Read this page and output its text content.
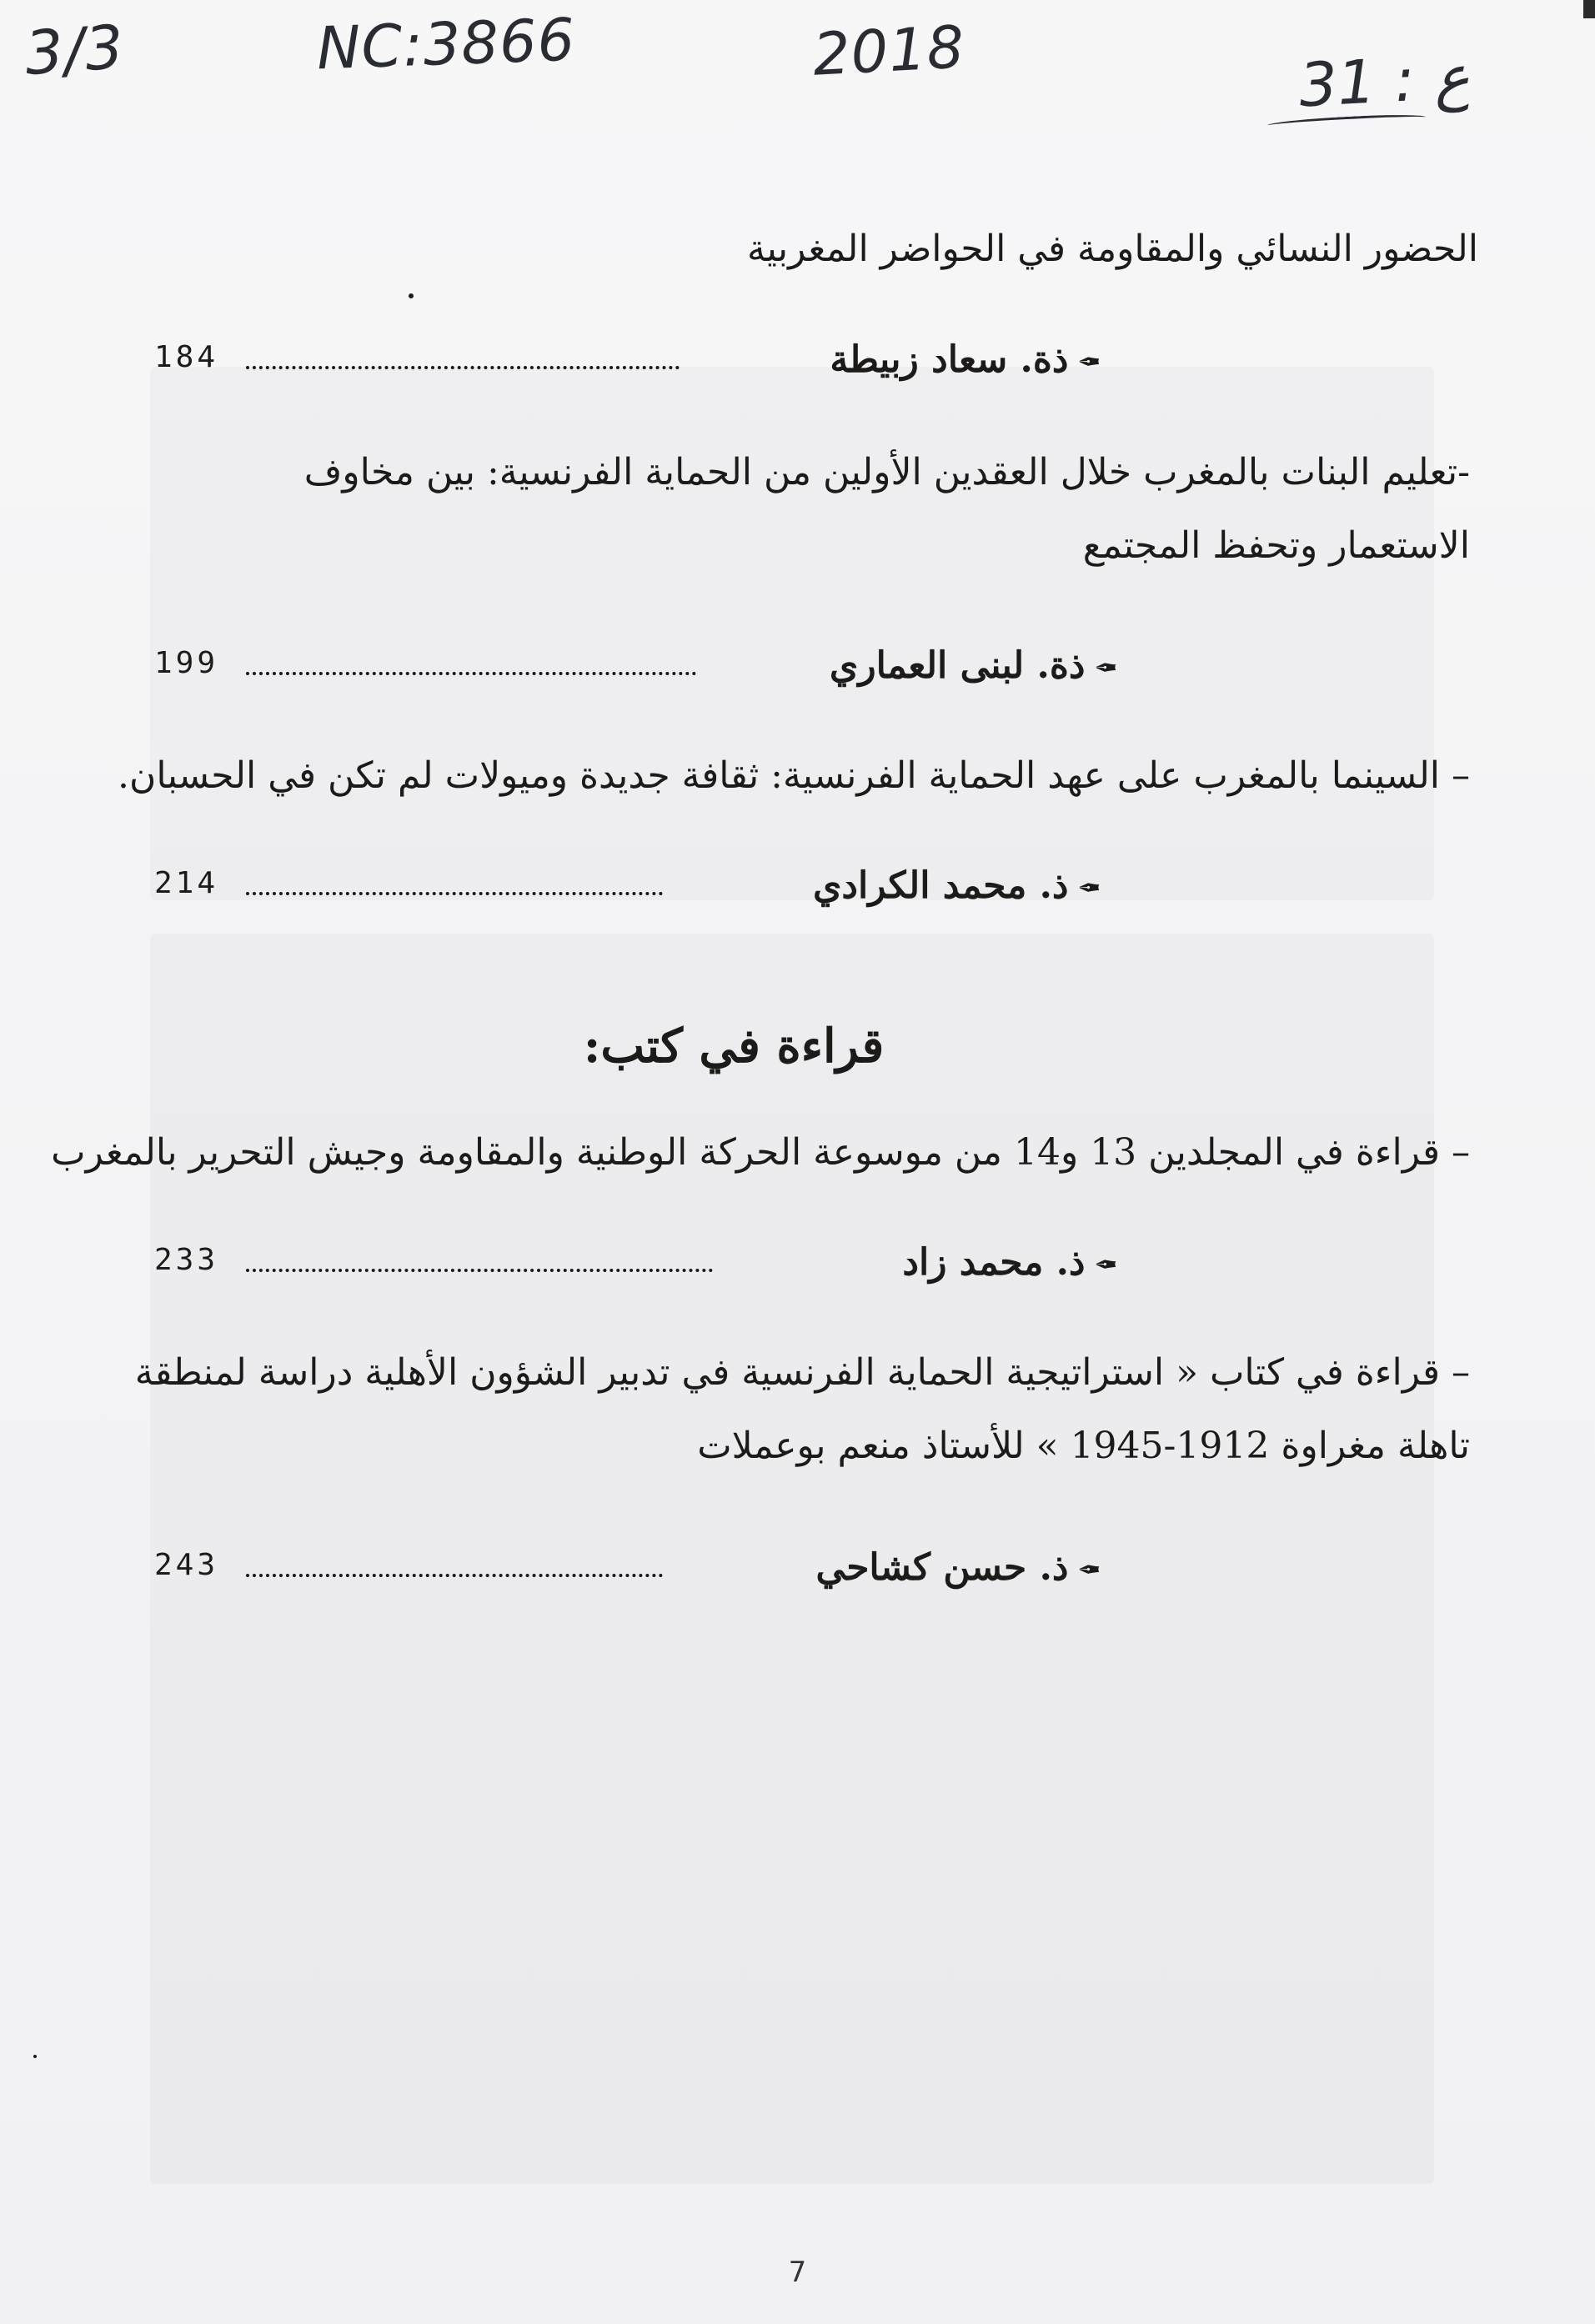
3/3	NC:3866	2018	ع : 31
الحضور النسائي والمقاومة في الحواضر المغربية
184	✒ذة. سعاد زبيطة
-تعليم البنات بالمغرب خلال العقدين الأولين من الحماية الفرنسية: بين مخاوف
الاستعمار وتحفظ المجتمع
199	✒ذة. لبنى العماري
– السينما بالمغرب على عهد الحماية الفرنسية: ثقافة جديدة وميولات لم تكن في الحسبان.
214	✒ذ. محمد الكرادي
قراءة في كتب:
– قراءة في المجلدين 13 و14 من موسوعة الحركة الوطنية والمقاومة وجيش التحرير بالمغرب
233	✒ذ. محمد زاد
– قراءة في كتاب « استراتيجية الحماية الفرنسية في تدبير الشؤون الأهلية دراسة لمنطقة
تاهلة مغراوة 1912-1945 » للأستاذ منعم بوعملات
243	✒ذ. حسن كشاحي
7
